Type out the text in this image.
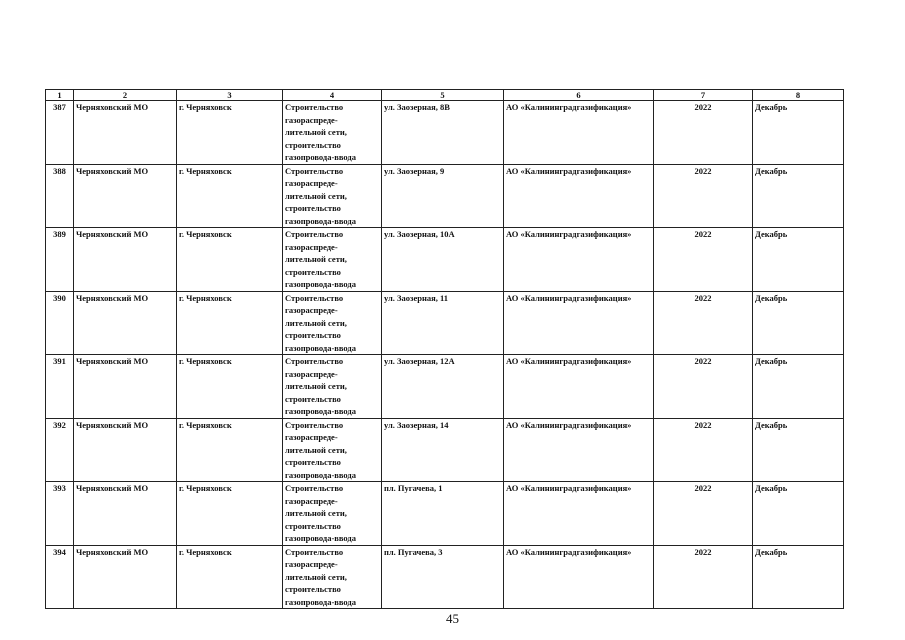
1	2	3	4	5	6	7	8
387	Черняховский МО	г. Черняховск	Строительство
газораспреде-
лительной сети,
строительство
газопровода-ввода	ул. Заозерная, 8В	АО «Калининградгазификация»	2022	Декабрь
388	Черняховский МО	г. Черняховск	Строительство
газораспреде-
лительной сети,
строительство
газопровода-ввода	ул. Заозерная, 9	АО «Калининградгазификация»	2022	Декабрь
389	Черняховский МО	г. Черняховск	Строительство
газораспреде-
лительной сети,
строительство
газопровода-ввода	ул. Заозерная, 10А	АО «Калининградгазификация»	2022	Декабрь
390	Черняховский МО	г. Черняховск	Строительство
газораспреде-
лительной сети,
строительство
газопровода-ввода	ул. Заозерная, 11	АО «Калининградгазификация»	2022	Декабрь
391	Черняховский МО	г. Черняховск	Строительство
газораспреде-
лительной сети,
строительство
газопровода-ввода	ул. Заозерная, 12А	АО «Калининградгазификация»	2022	Декабрь
392	Черняховский МО	г. Черняховск	Строительство
газораспреде-
лительной сети,
строительство
газопровода-ввода	ул. Заозерная, 14	АО «Калининградгазификация»	2022	Декабрь
393	Черняховский МО	г. Черняховск	Строительство
газораспреде-
лительной сети,
строительство
газопровода-ввода	пл. Пугачева, 1	АО «Калининградгазификация»	2022	Декабрь
394	Черняховский МО	г. Черняховск	Строительство
газораспреде-
лительной сети,
строительство
газопровода-ввода	пл. Пугачева, 3	АО «Калининградгазификация»	2022	Декабрь
45
